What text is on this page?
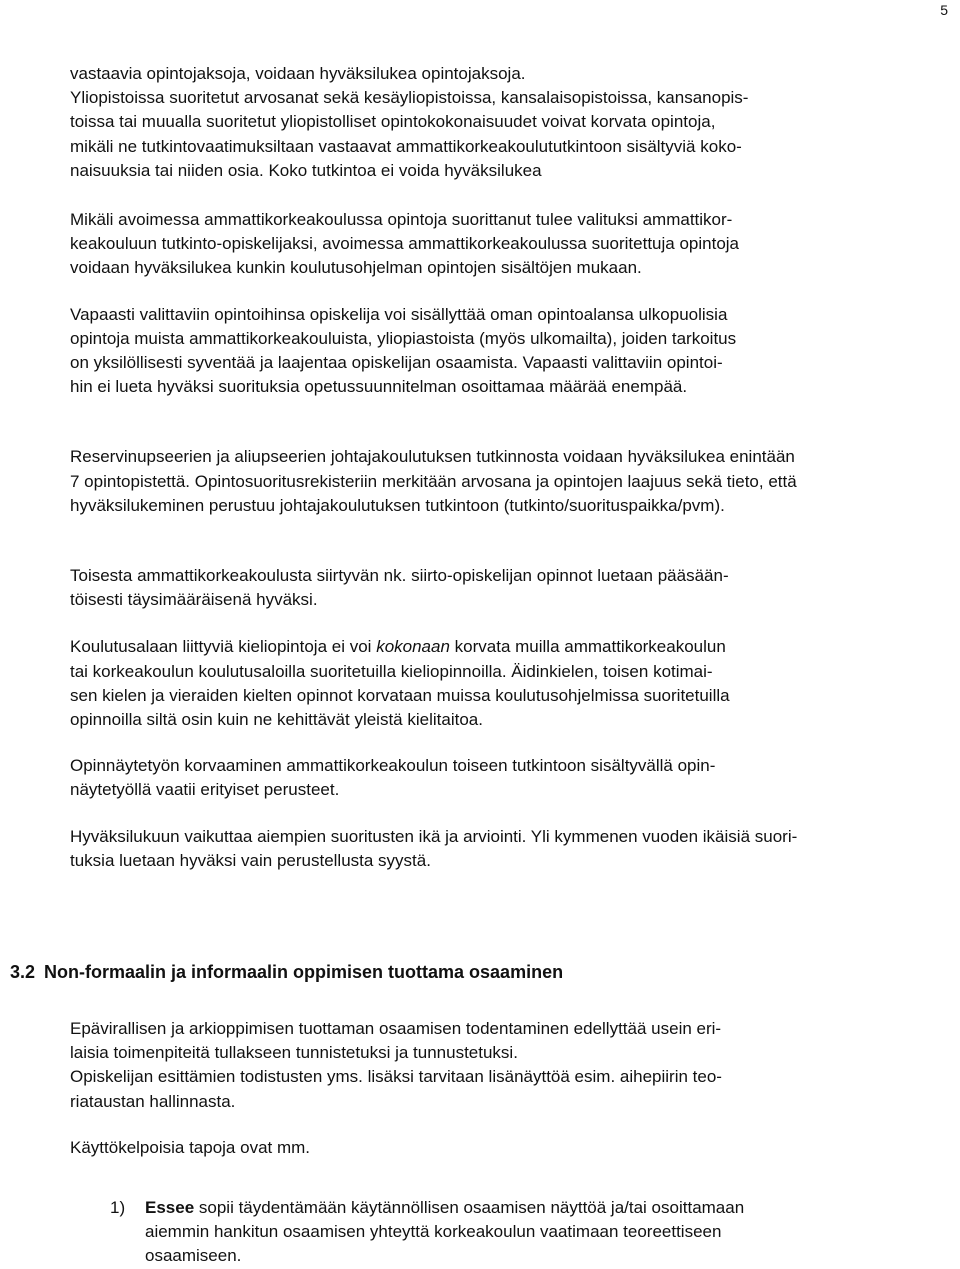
5
vastaavia opintojaksoja, voidaan hyväksilukea opintojaksoja.
Yliopistoissa suoritetut arvosanat sekä kesäyliopistoissa, kansalaisopistoissa, kansanopis-
toissa tai muualla suoritetut yliopistolliset opintokokonaisuudet voivat korvata opintoja,
mikäli ne tutkintovaatimuksiltaan vastaavat ammattikorkeakoulututkintoon sisältyviä koko-
naisuuksia tai niiden osia. Koko tutkintoa ei voida hyväksilukea
Mikäli avoimessa ammattikorkeakoulussa opintoja suorittanut tulee valituksi ammattikor-
keakouluun tutkinto-opiskelijaksi, avoimessa ammattikorkeakoulussa suoritettuja opintoja
voidaan hyväksilukea kunkin koulutusohjelman opintojen sisältöjen mukaan.
Vapaasti valittaviin opintoihinsa opiskelija voi sisällyttää oman opintoalansa ulkopuolisia
opintoja muista ammattikorkeakouluista, yliopiastoista (myös ulkomailta), joiden tarkoitus
on yksilöllisesti syventää ja laajentaa opiskelijan osaamista. Vapaasti valittaviin opintoi-
hin ei lueta hyväksi suorituksia opetussuunnitelman osoittamaa määrää enempää.
Reservinupseerien ja aliupseerien johtajakoulutuksen tutkinnosta voidaan hyväksilukea enintään
7 opintopistettä. Opintosuoritusrekisteriin merkitään arvosana ja opintojen laajuus sekä tieto, että
hyväksilukeminen perustuu johtajakoulutuksen tutkintoon (tutkinto/suorituspaikka/pvm).
Toisesta ammattikorkeakoulusta siirtyvän nk. siirto-opiskelijan opinnot luetaan pääsään-
töisesti täysimääräisenä hyväksi.
Koulutusalaan liittyviä kieliopintoja ei voi kokonaan korvata muilla ammattikorkeakoulun
tai korkeakoulun koulutusaloilla suoritetuilla kieliopinnoilla. Äidinkielen, toisen kotimai-
sen kielen ja vieraiden kielten opinnot korvataan muissa koulutusohjelmissa suoritetuilla
opinnoilla siltä osin kuin ne kehittävät yleistä kielitaitoa.
Opinnäytetyön korvaaminen ammattikorkeakoulun toiseen tutkintoon sisältyvällä opin-
näytetyöllä vaatii erityiset perusteet.
Hyväksilukuun vaikuttaa aiempien suoritusten ikä ja arviointi. Yli kymmenen vuoden ikäisiä suori-
tuksia luetaan hyväksi vain perustellusta syystä.
3.2 Non-formaalin ja informaalin oppimisen tuottama osaaminen
Epävirallisen ja arkioppimisen tuottaman osaamisen todentaminen edellyttää usein eri-
laisia toimenpiteitä tullakseen tunnistetuksi ja tunnustetuksi.
Opiskelijan esittämien todistusten yms. lisäksi tarvitaan lisänäyttöä esim. aihepiirin teo-
riataustan hallinnasta.
Käyttökelpoisia tapoja ovat mm.
1) Essee sopii täydentämään käytännöllisen osaamisen näyttöä ja/tai osoittamaan
aiemmin hankitun osaamisen yhteyttä korkeakoulun vaatimaan teoreettiseen
osaamiseen.
